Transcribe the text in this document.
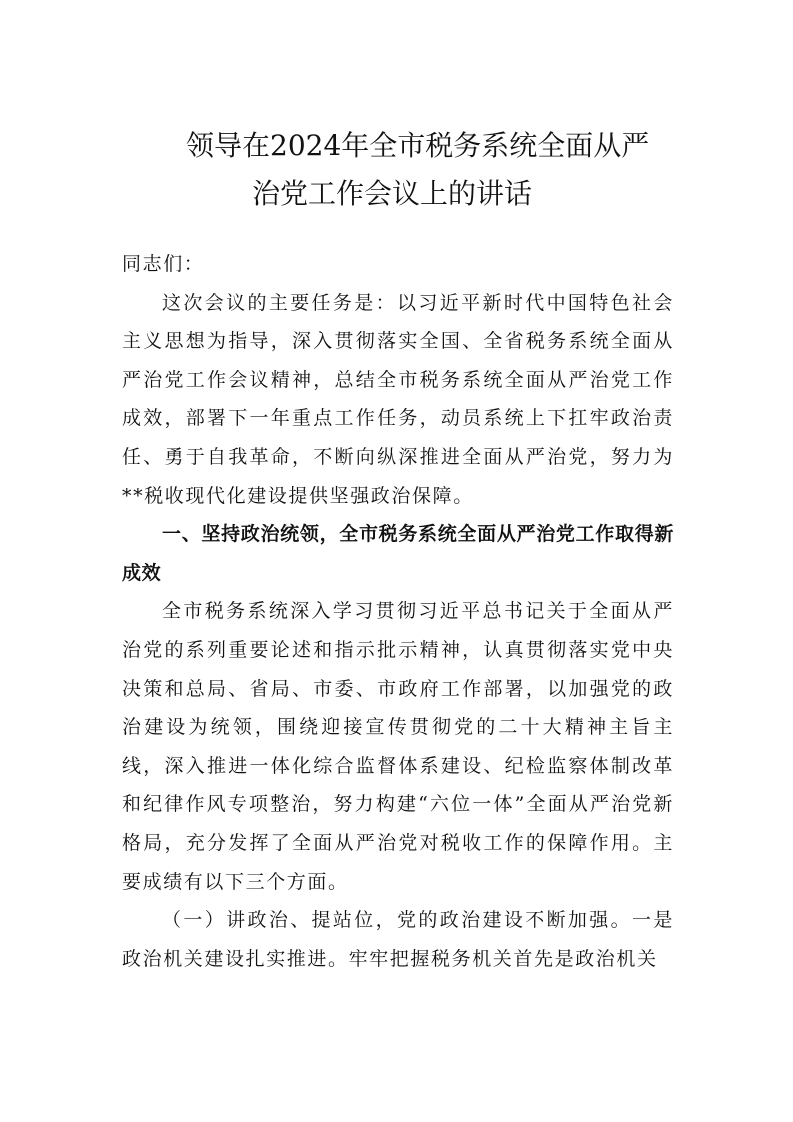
领导在2024年全市税务系统全面从严
治党工作会议上的讲话

同志们：

这次会议的主要任务是：以习近平新时代中国特色社会主义思想为指导，深入贯彻落实全国、全省税务系统全面从严治党工作会议精神，总结全市税务系统全面从严治党工作成效，部署下一年重点工作任务，动员系统上下扛牢政治责任、勇于自我革命，不断向纵深推进全面从严治党，努力为**税收现代化建设提供坚强政治保障。

一、坚持政治统领，全市税务系统全面从严治党工作取得新成效

全市税务系统深入学习贯彻习近平总书记关于全面从严治党的系列重要论述和指示批示精神，认真贯彻落实党中央决策和总局、省局、市委、市政府工作部署，以加强党的政治建设为统领，围绕迎接宣传贯彻党的二十大精神主旨主线，深入推进一体化综合监督体系建设、纪检监察体制改革和纪律作风专项整治，努力构建“六位一体”全面从严治党新格局，充分发挥了全面从严治党对税收工作的保障作用。主要成绩有以下三个方面。

（一）讲政治、提站位，党的政治建设不断加强。一是政治机关建设扎实推进。牢牢把握税务机关首先是政治机关
